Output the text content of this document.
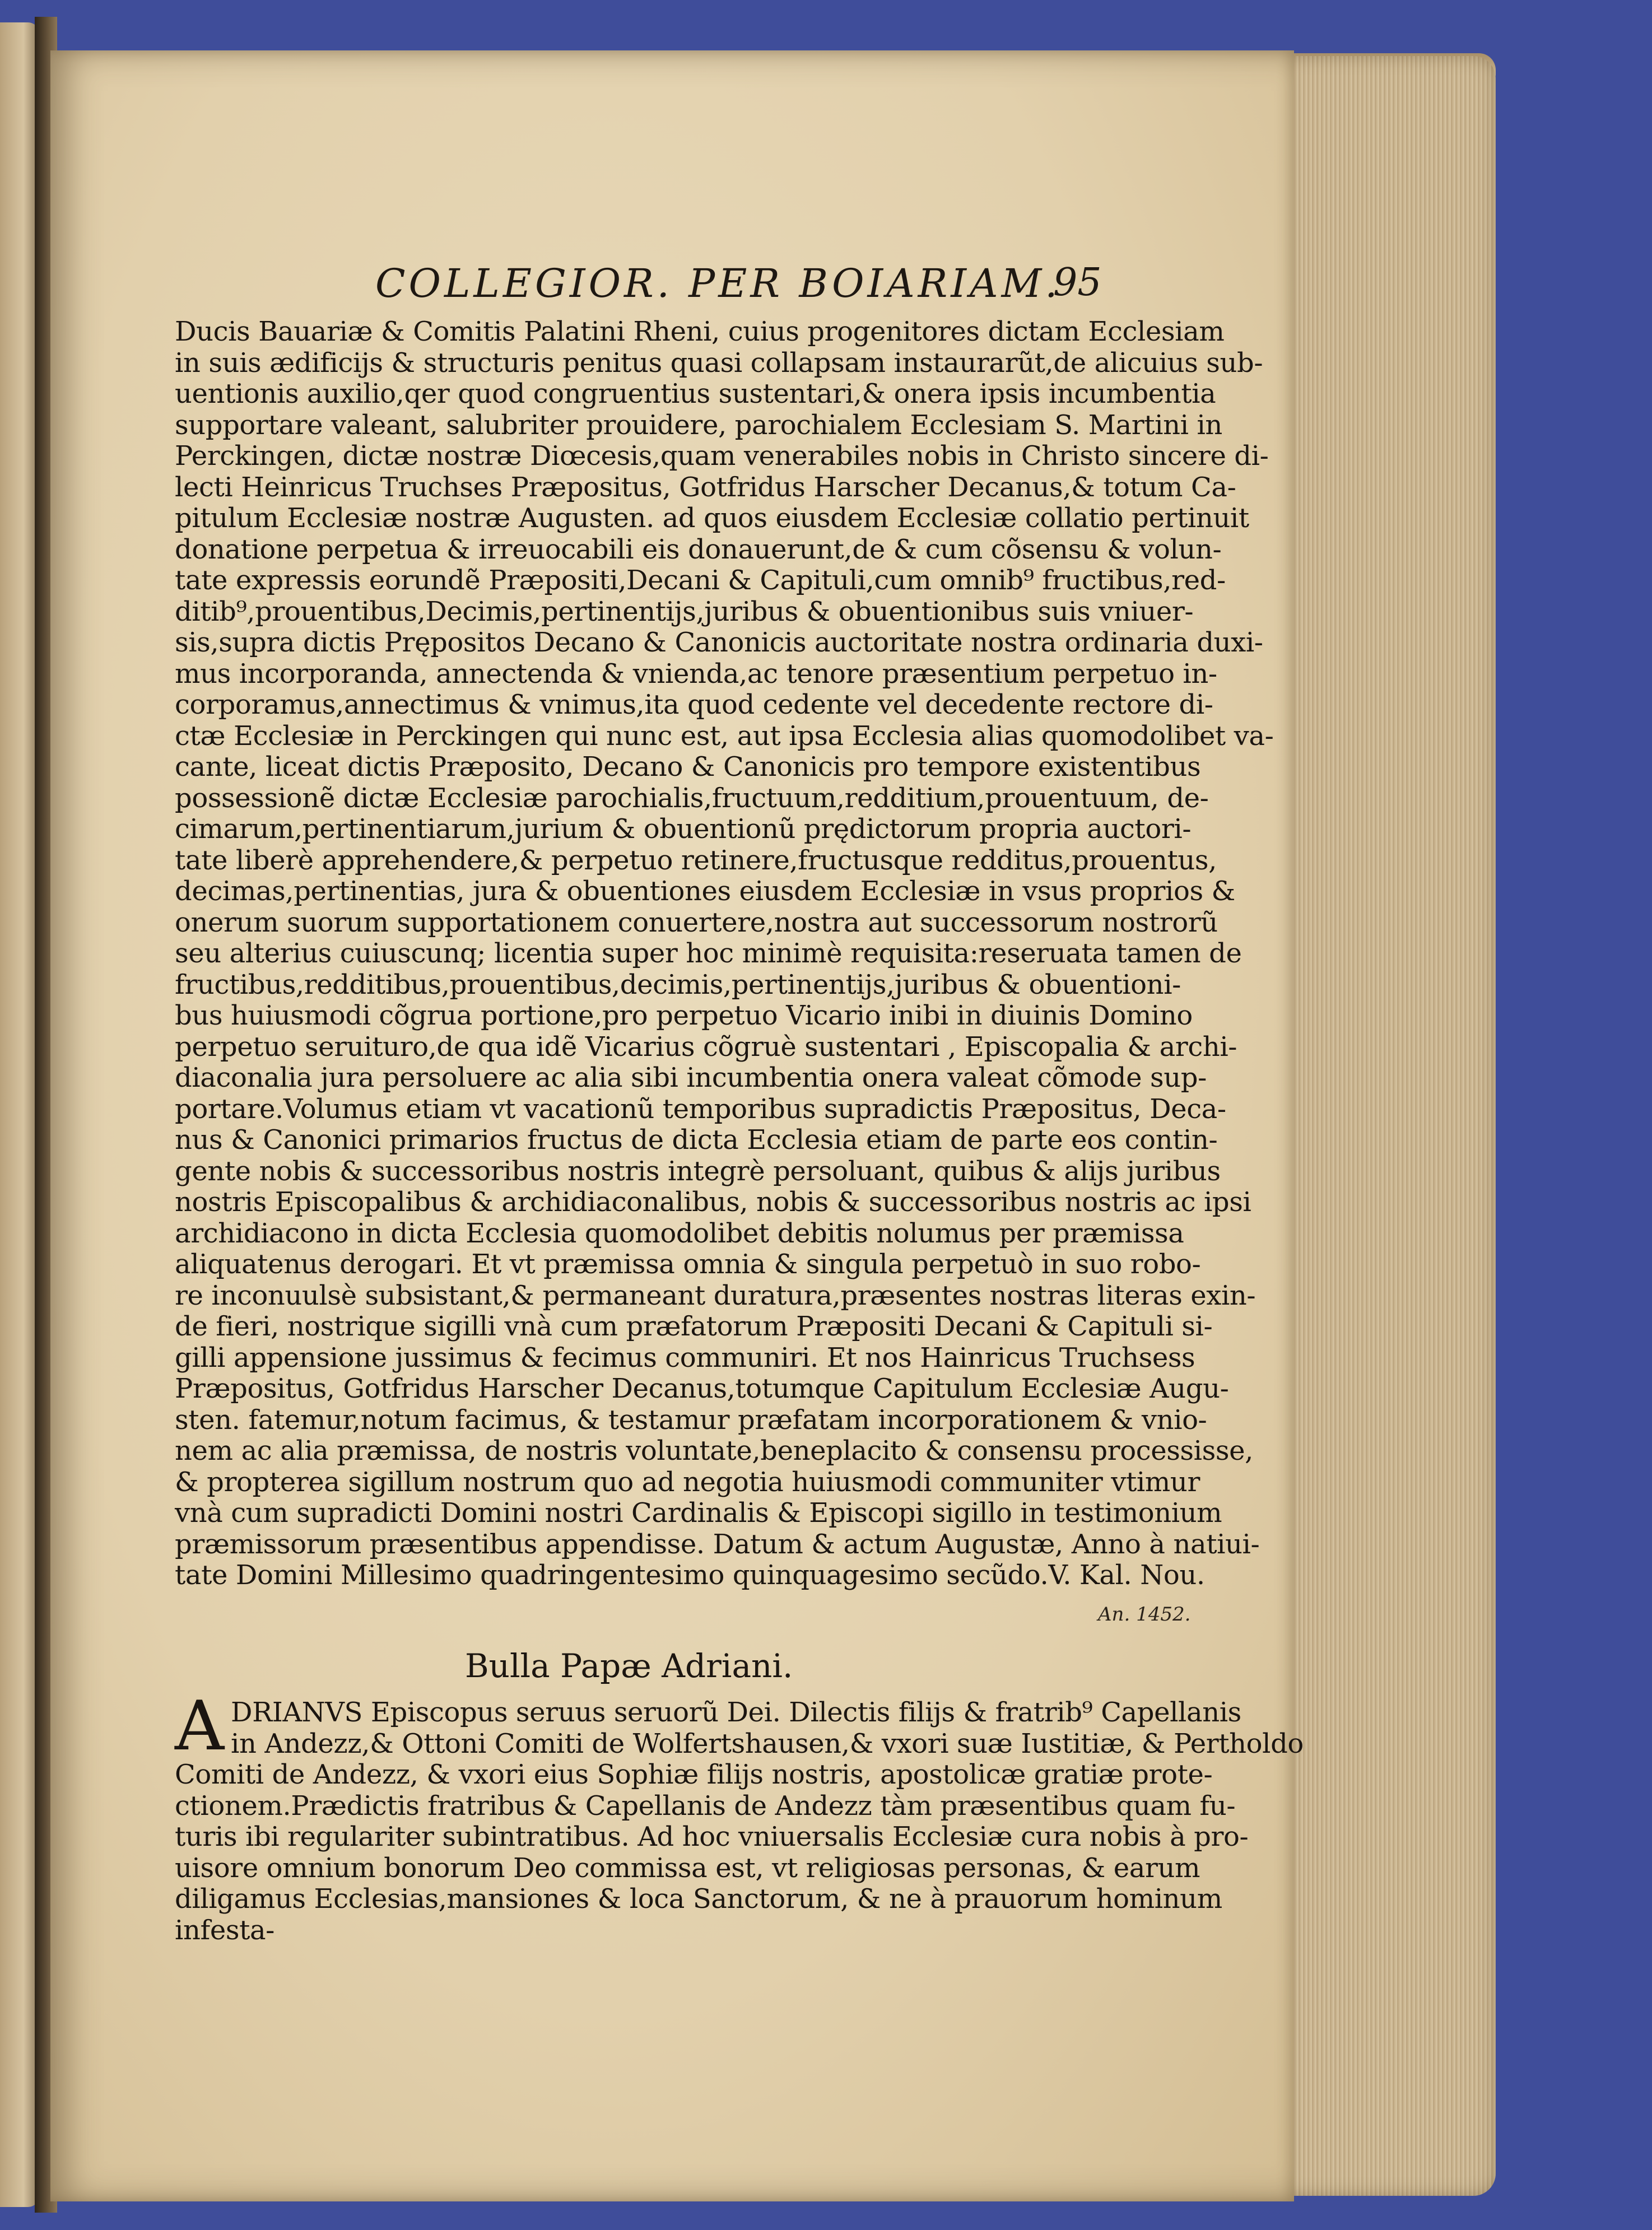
COLLEGIOR. PER BOIARIAM.
95
Ducis Bauariæ & Comitis Palatini Rheni, cuius progenitores dictam Ecclesiam
in suis ædificijs & structuris penitus quasi collapsam instaurarũt,de alicuius sub-
uentionis auxilio,qer quod congruentius sustentari,& onera ipsis incumbentia
supportare valeant, salubriter prouidere, parochialem Ecclesiam S. Martini in
Perckingen, dictæ nostræ Diœcesis,quam venerabiles nobis in Christo sincere di-
lecti Heinricus Truchses Præpositus, Gotfridus Harscher Decanus,& totum Ca-
pitulum Ecclesiæ nostræ Augusten. ad quos eiusdem Ecclesiæ collatio pertinuit
donatione perpetua & irreuocabili eis donauerunt,de & cum cõsensu & volun-
tate expressis eorundẽ Præpositi,Decani & Capituli,cum omnib⁹ fructibus,red-
ditib⁹,prouentibus,Decimis,pertinentijs,juribus & obuentionibus suis vniuer-
sis,supra dictis Prępositos Decano & Canonicis auctoritate nostra ordinaria duxi-
mus incorporanda, annectenda & vnienda,ac tenore præsentium perpetuo in-
corporamus,annectimus & vnimus,ita quod cedente vel decedente rectore di-
ctæ Ecclesiæ in Perckingen qui nunc est, aut ipsa Ecclesia alias quomodolibet va-
cante, liceat dictis Præposito, Decano & Canonicis pro tempore existentibus
possessionẽ dictæ Ecclesiæ parochialis,fructuum,redditium,prouentuum, de-
cimarum,pertinentiarum,jurium & obuentionũ prędictorum propria auctori-
tate liberè apprehendere,& perpetuo retinere,fructusque redditus,prouentus,
decimas,pertinentias, jura & obuentiones eiusdem Ecclesiæ in vsus proprios &
onerum suorum supportationem conuertere,nostra aut successorum nostrorũ
seu alterius cuiuscunq; licentia super hoc minimè requisita:reseruata tamen de
fructibus,redditibus,prouentibus,decimis,pertinentijs,juribus & obuentioni-
bus huiusmodi cõgrua portione,pro perpetuo Vicario inibi in diuinis Domino
perpetuo seruituro,de qua idẽ Vicarius cõgruè sustentari , Episcopalia & archi-
diaconalia jura persoluere ac alia sibi incumbentia onera valeat cõmode sup-
portare.Volumus etiam vt vacationũ temporibus supradictis Præpositus, Deca-
nus & Canonici primarios fructus de dicta Ecclesia etiam de parte eos contin-
gente nobis & successoribus nostris integrè persoluant, quibus & alijs juribus
nostris Episcopalibus & archidiaconalibus, nobis & successoribus nostris ac ipsi
archidiacono in dicta Ecclesia quomodolibet debitis nolumus per præmissa
aliquatenus derogari. Et vt præmissa omnia & singula perpetuò in suo robo-
re inconuulsè subsistant,& permaneant duratura,præsentes nostras literas exin-
de fieri, nostrique sigilli vnà cum præfatorum Præpositi Decani & Capituli si-
gilli appensione jussimus & fecimus communiri. Et nos Hainricus Truchsess
Præpositus, Gotfridus Harscher Decanus,totumque Capitulum Ecclesiæ Augu-
sten. fatemur,notum facimus, & testamur præfatam incorporationem & vnio-
nem ac alia præmissa, de nostris voluntate,beneplacito & consensu processisse,
& propterea sigillum nostrum quo ad negotia huiusmodi communiter vtimur
vnà cum supradicti Domini nostri Cardinalis & Episcopi sigillo in testimonium
præmissorum præsentibus appendisse. Datum & actum Augustæ, Anno à natiui-
tate Domini Millesimo quadringentesimo quinquagesimo secũdo.V. Kal. Nou.
An. 1452.
Bulla Papæ Adriani.
A DRIANVS Episcopus seruus seruorũ Dei. Dilectis filijs & fratrib⁹ Capellanis
in Andezz,& Ottoni Comiti de Wolfertshausen,& vxori suæ Iustitiæ, & Pertholdo
Comiti de Andezz, & vxori eius Sophiæ filijs nostris, apostolicæ gratiæ prote-
ctionem.Prædictis fratribus & Capellanis de Andezz tàm præsentibus quam fu-
turis ibi regulariter subintratibus. Ad hoc vniuersalis Ecclesiæ cura nobis à pro-
uisore omnium bonorum Deo commissa est, vt religiosas personas, & earum
diligamus Ecclesias,mansiones & loca Sanctorum, & ne à prauorum hominum
infesta-
